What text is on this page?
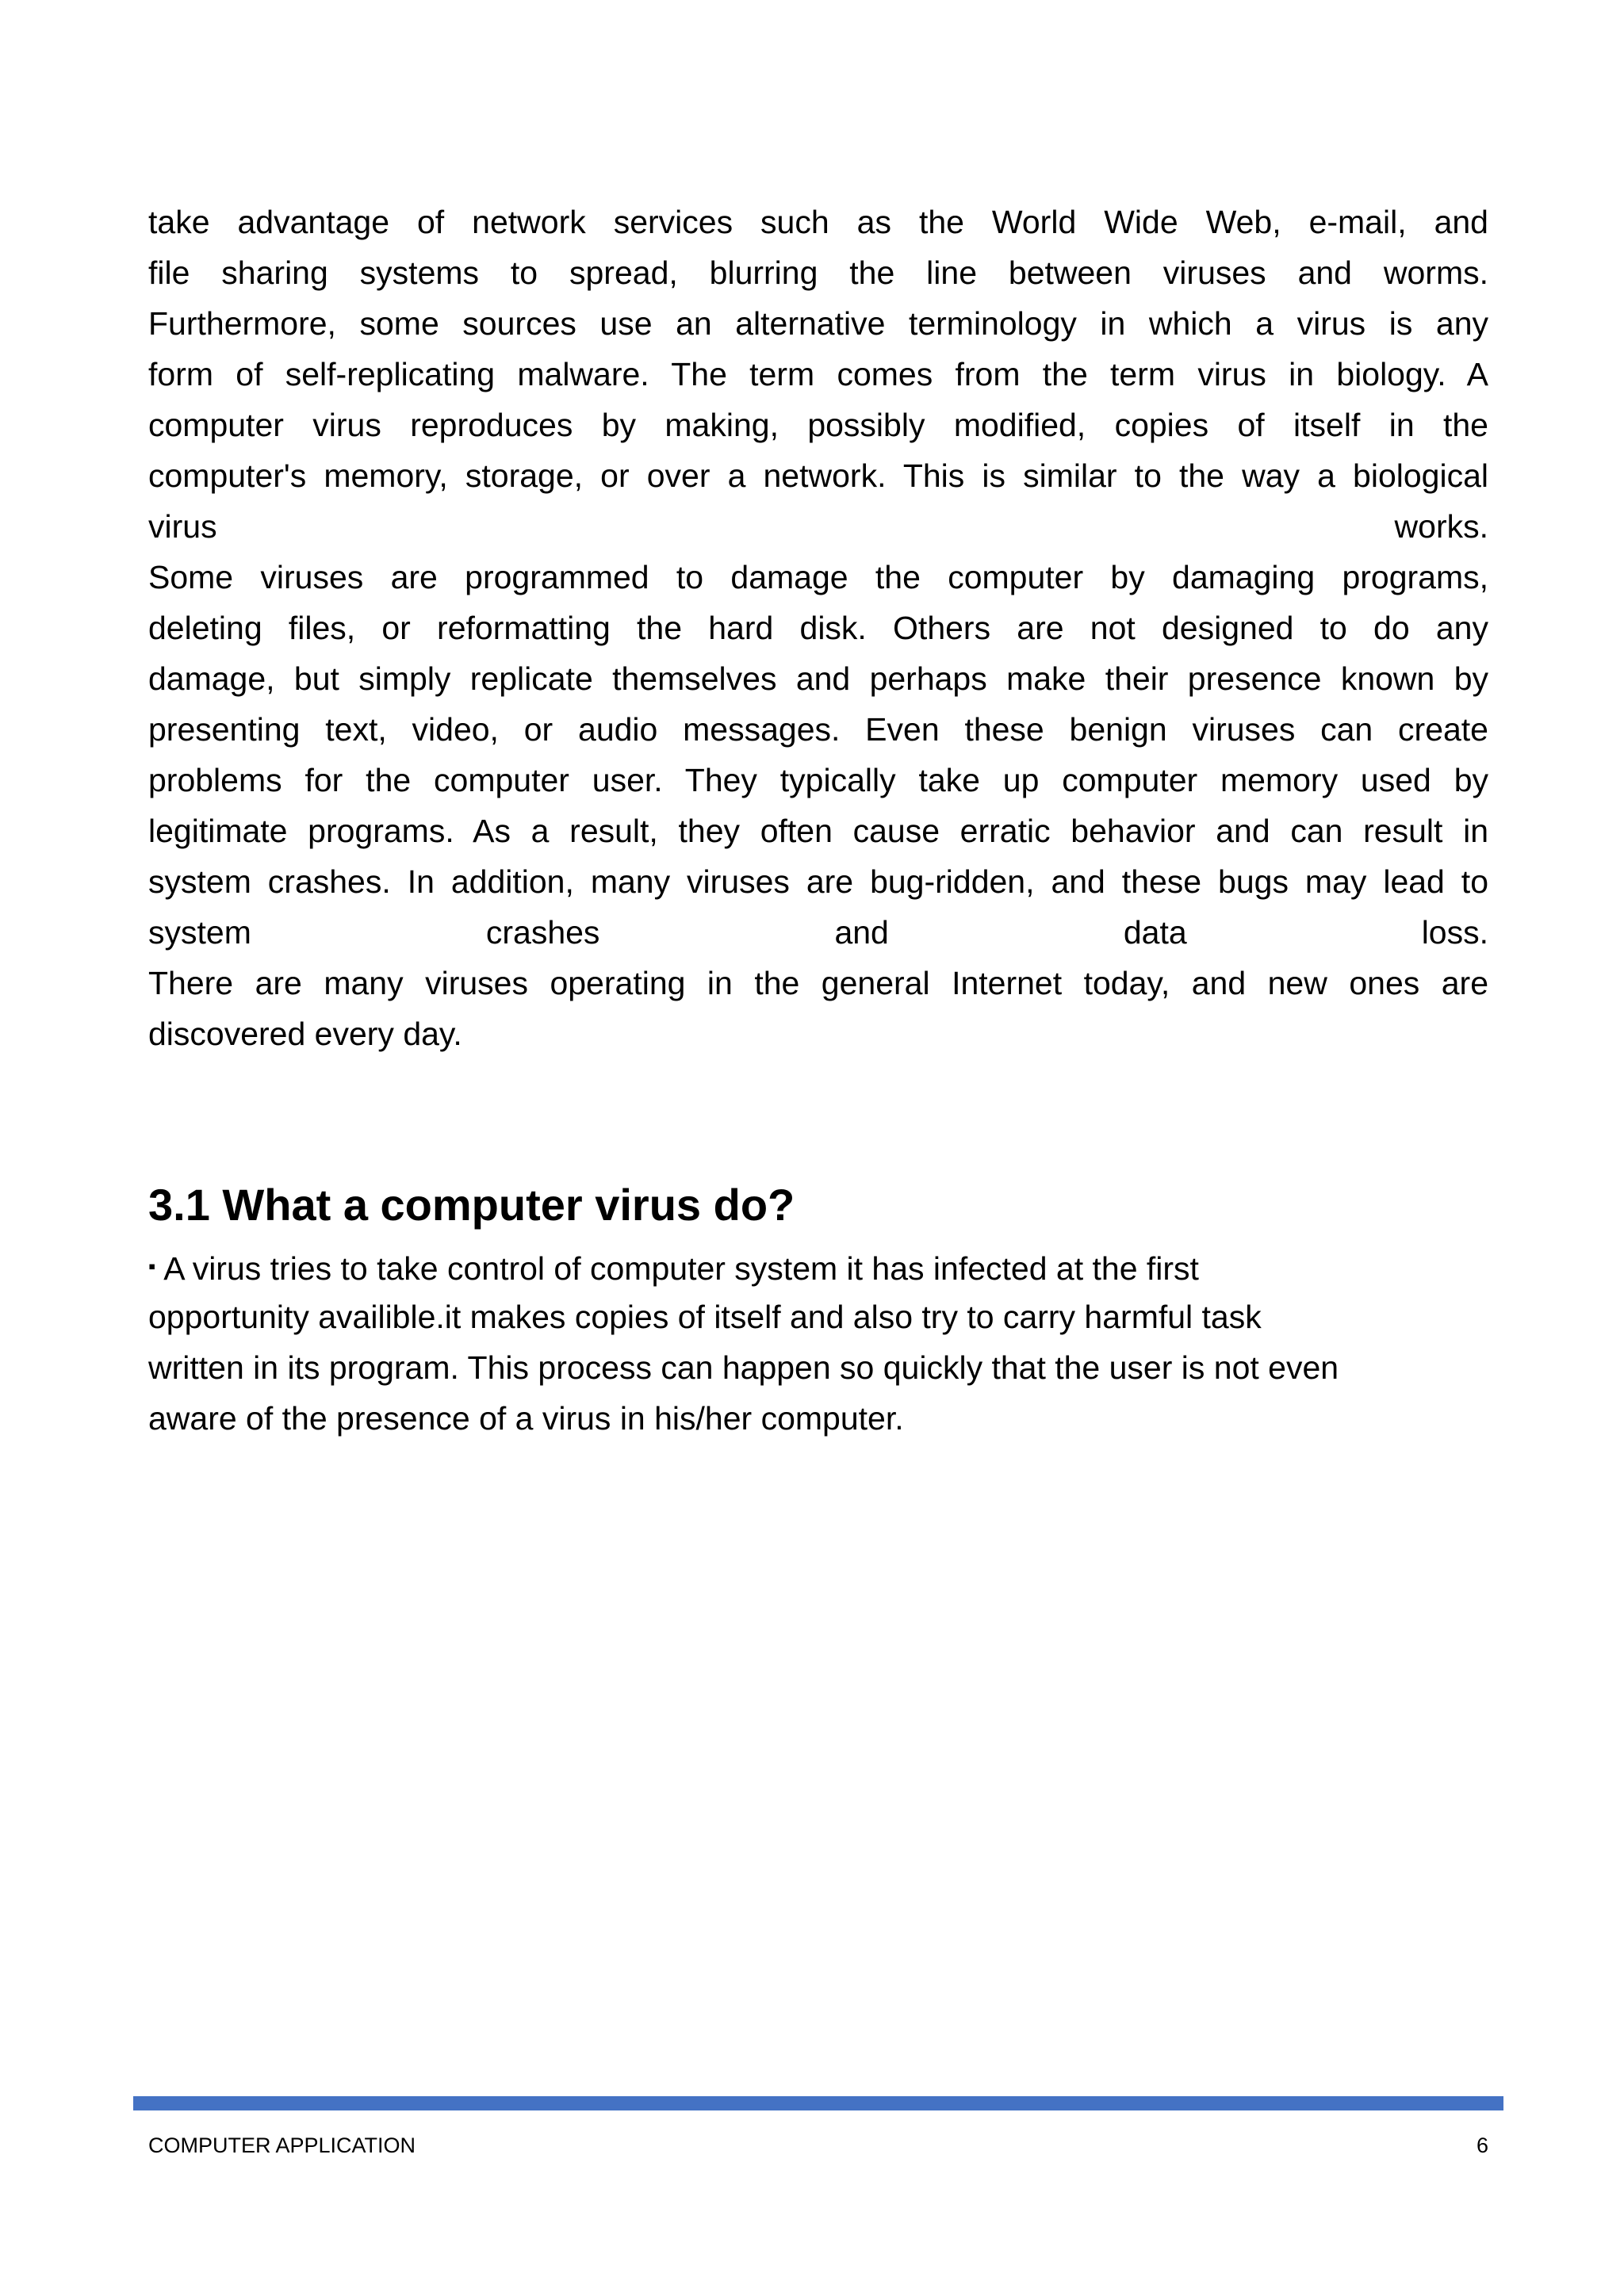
take advantage of network services such as the World Wide Web, e-mail, and
file sharing systems to spread, blurring the line between viruses and worms.
Furthermore, some sources use an alternative terminology in which a virus is any
form of self-replicating malware. The term comes from the term virus in biology. A
computer virus reproduces by making, possibly modified, copies of itself in the
computer's memory, storage, or over a network. This is similar to the way a biological
virus works.
Some viruses are programmed to damage the computer by damaging programs,
deleting files, or reformatting the hard disk. Others are not designed to do any
damage, but simply replicate themselves and perhaps make their presence known by
presenting text, video, or audio messages. Even these benign viruses can create
problems for the computer user. They typically take up computer memory used by
legitimate programs. As a result, they often cause erratic behavior and can result in
system crashes. In addition, many viruses are bug-ridden, and these bugs may lead to
system crashes and data loss.
There are many viruses operating in the general Internet today, and new ones are
discovered every day.
3.1 What a computer virus do?
▪ A virus tries to take control of computer system it has infected at the first
opportunity availible.it makes copies of itself and also try to carry harmful task
written in its program. This process can happen so quickly that the user is not even
aware of the presence of a virus in his/her computer.
COMPUTER APPLICATION	6
